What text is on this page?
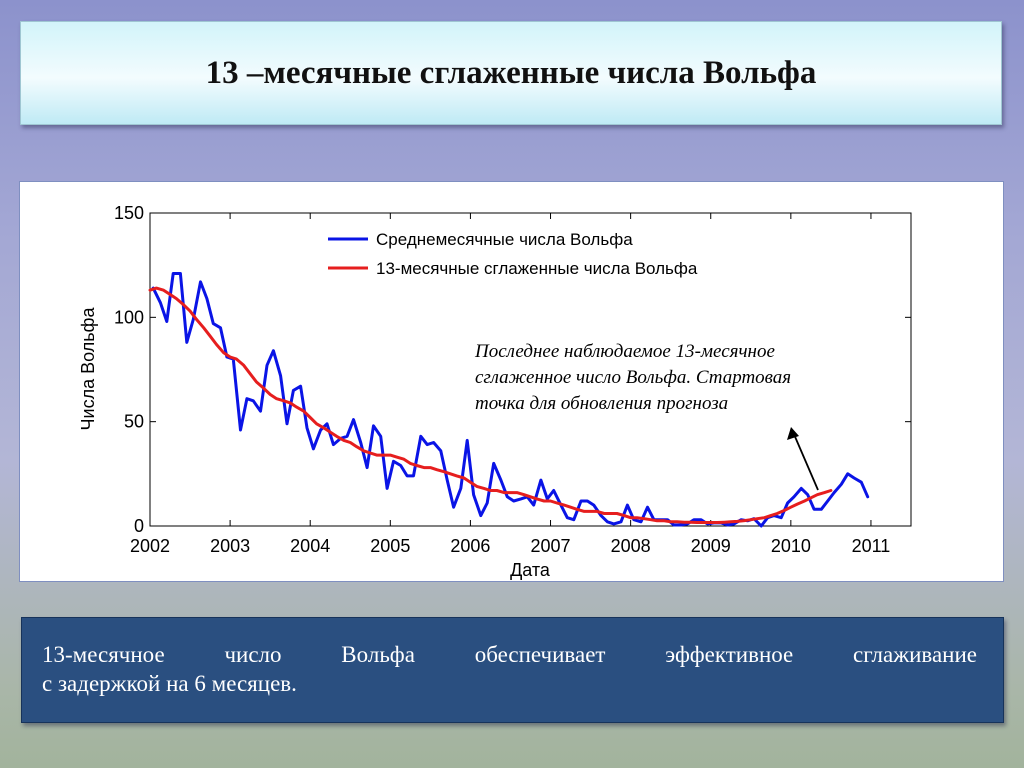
13 –месячные сглаженные числа Вольфа
2002 2003 2004 2005 2006 2007 2008 2009 2010 2011
0
50
100
150
Среднемесячные числа Вольфа
13-месячные сглаженные числа Вольфа
Дата
Числа Вольфа	Последнее наблюдаемое 13-месячное
сглаженное число Вольфа. Стартовая
точка для обновления прогноза
13-месячное число Вольфа обеспечивает эффективное сглаживание
с задержкой на 6 месяцев.
